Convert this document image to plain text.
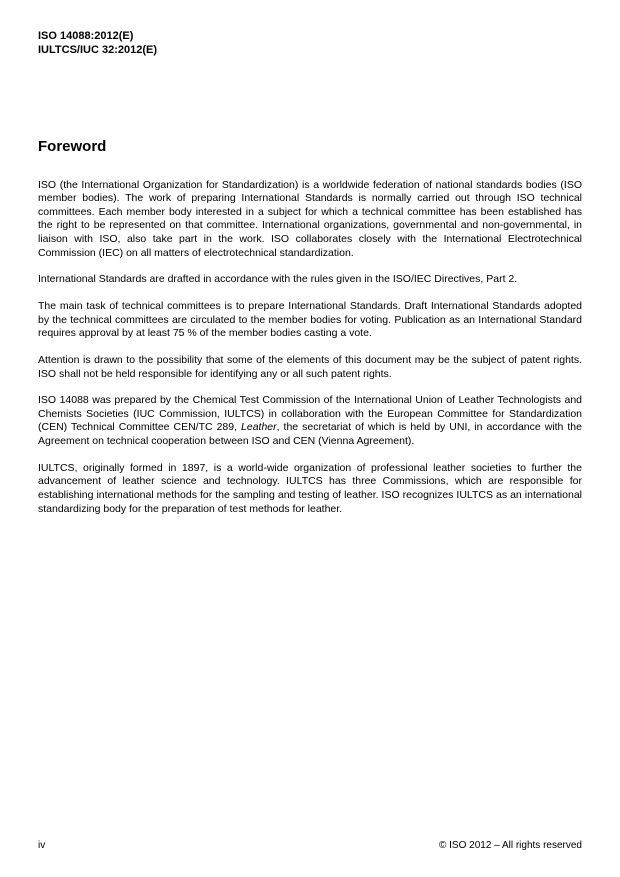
ISO 14088:2012(E)
IULTCS/IUC 32:2012(E)
Foreword

ISO (the International Organization for Standardization) is a worldwide federation of national standards bodies (ISO member bodies). The work of preparing International Standards is normally carried out through ISO technical committees. Each member body interested in a subject for which a technical committee has been established has the right to be represented on that committee. International organizations, governmental and non-governmental, in liaison with ISO, also take part in the work. ISO collaborates closely with the International Electrotechnical Commission (IEC) on all matters of electrotechnical standardization.

International Standards are drafted in accordance with the rules given in the ISO/IEC Directives, Part 2.

The main task of technical committees is to prepare International Standards. Draft International Standards adopted by the technical committees are circulated to the member bodies for voting. Publication as an International Standard requires approval by at least 75 % of the member bodies casting a vote.

Attention is drawn to the possibility that some of the elements of this document may be the subject of patent rights. ISO shall not be held responsible for identifying any or all such patent rights.

ISO 14088 was prepared by the Chemical Test Commission of the International Union of Leather Technologists and Chemists Societies (IUC Commission, IULTCS) in collaboration with the European Committee for Standardization (CEN) Technical Committee CEN/TC 289, Leather, the secretariat of which is held by UNI, in accordance with the Agreement on technical cooperation between ISO and CEN (Vienna Agreement).

IULTCS, originally formed in 1897, is a world-wide organization of professional leather societies to further the advancement of leather science and technology. IULTCS has three Commissions, which are responsible for establishing international methods for the sampling and testing of leather. ISO recognizes IULTCS as an international standardizing body for the preparation of test methods for leather.

iv	© ISO 2012 – All rights reserved
